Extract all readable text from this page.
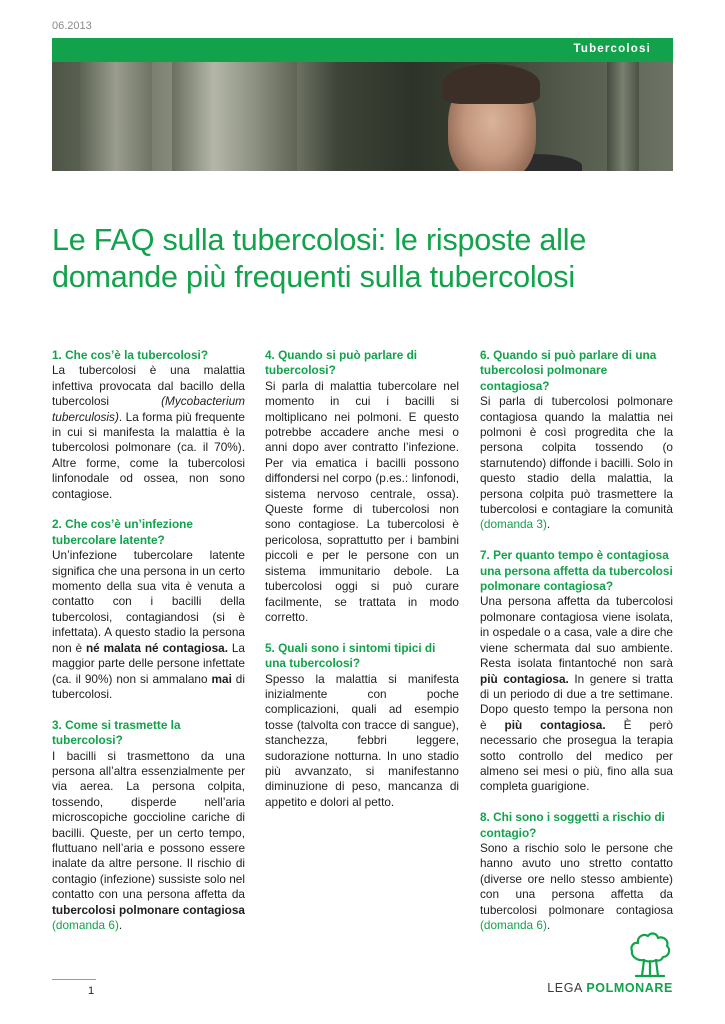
06.2013
Tubercolosi
Le FAQ sulla tubercolosi: le risposte alle
domande più frequenti sulla tubercolosi
1. Che cos’è la tubercolosi?
La tubercolosi è una malattia infettiva provocata dal bacillo della tubercolosi (Mycobacterium tuberculosis). La forma più frequente in cui si manifesta la malattia è la tubercolosi polmonare (ca. il 70%). Altre forme, come la tubercolosi linfonodale od ossea, non sono contagiose.
2. Che cos’è un’infezione tubercolare latente?
Un’infezione tubercolare latente significa che una persona in un certo momento della sua vita è venuta a contatto con i bacilli della tubercolosi, contagiandosi (si è infettata). A questo stadio la persona non è né malata né contagiosa. La maggior parte delle persone infettate (ca. il 90%) non si ammalano mai di tubercolosi.
3. Come si trasmette la tubercolosi?
I bacilli si trasmettono da una persona all’altra essenzialmente per via aerea. La persona colpita, tossendo, disperde nell’aria microscopiche goccioline cariche di bacilli. Queste, per un certo tempo, fluttuano nell’aria e possono essere inalate da altre persone. Il rischio di contagio (infezione) sussiste solo nel contatto con una persona affetta da tubercolosi polmonare contagiosa (domanda 6).
4. Quando si può parlare di tubercolosi?
Si parla di malattia tubercolare nel momento in cui i bacilli si moltiplicano nei polmoni. E questo potrebbe accadere anche mesi o anni dopo aver contratto l’infezione. Per via ematica i bacilli possono diffondersi nel corpo (p.es.: linfonodi, sistema nervoso centrale, ossa). Queste forme di tubercolosi non sono contagiose. La tubercolosi è pericolosa, soprattutto per i bambini piccoli e per le persone con un sistema immunitario debole. La tubercolosi oggi si può curare facilmente, se trattata in modo corretto.
5. Quali sono i sintomi tipici di una tubercolosi?
Spesso la malattia si manifesta inizialmente con poche complicazioni, quali ad esempio tosse (talvolta con tracce di sangue), stanchezza, febbri leggere, sudorazione notturna. In uno stadio più avvanzato, si manifestanno diminuzione di peso, mancanza di appetito e dolori al petto.
6. Quando si può parlare di una tubercolosi polmonare contagiosa?
Si parla di tubercolosi polmonare contagiosa quando la malattia nei polmoni è così progredita che la persona colpita tossendo (o starnutendo) diffonde i bacilli. Solo in questo stadio della malattia, la persona colpita può trasmettere la tubercolosi e contagiare la comunità (domanda 3).
7. Per quanto tempo è contagiosa una persona affetta da tubercolosi polmonare contagiosa?
Una persona affetta da tubercolosi polmonare contagiosa viene isolata, in ospedale o a casa, vale a dire che viene schermata dal suo ambiente. Resta isolata fintantoché non sarà più contagiosa. In genere si tratta di un periodo di due a tre settimane. Dopo questo tempo la persona non è più contagiosa. È però necessario che prosegua la terapia sotto controllo del medico per almeno sei mesi o più, fino alla sua completa guarigione.
8. Chi sono i soggetti a rischio di contagio?
Sono a rischio solo le persone che hanno avuto uno stretto contatto (diverse ore nello stesso ambiente) con una persona affetta da tubercolosi polmonare contagiosa (domanda 6).
1	LEGA POLMONARE
